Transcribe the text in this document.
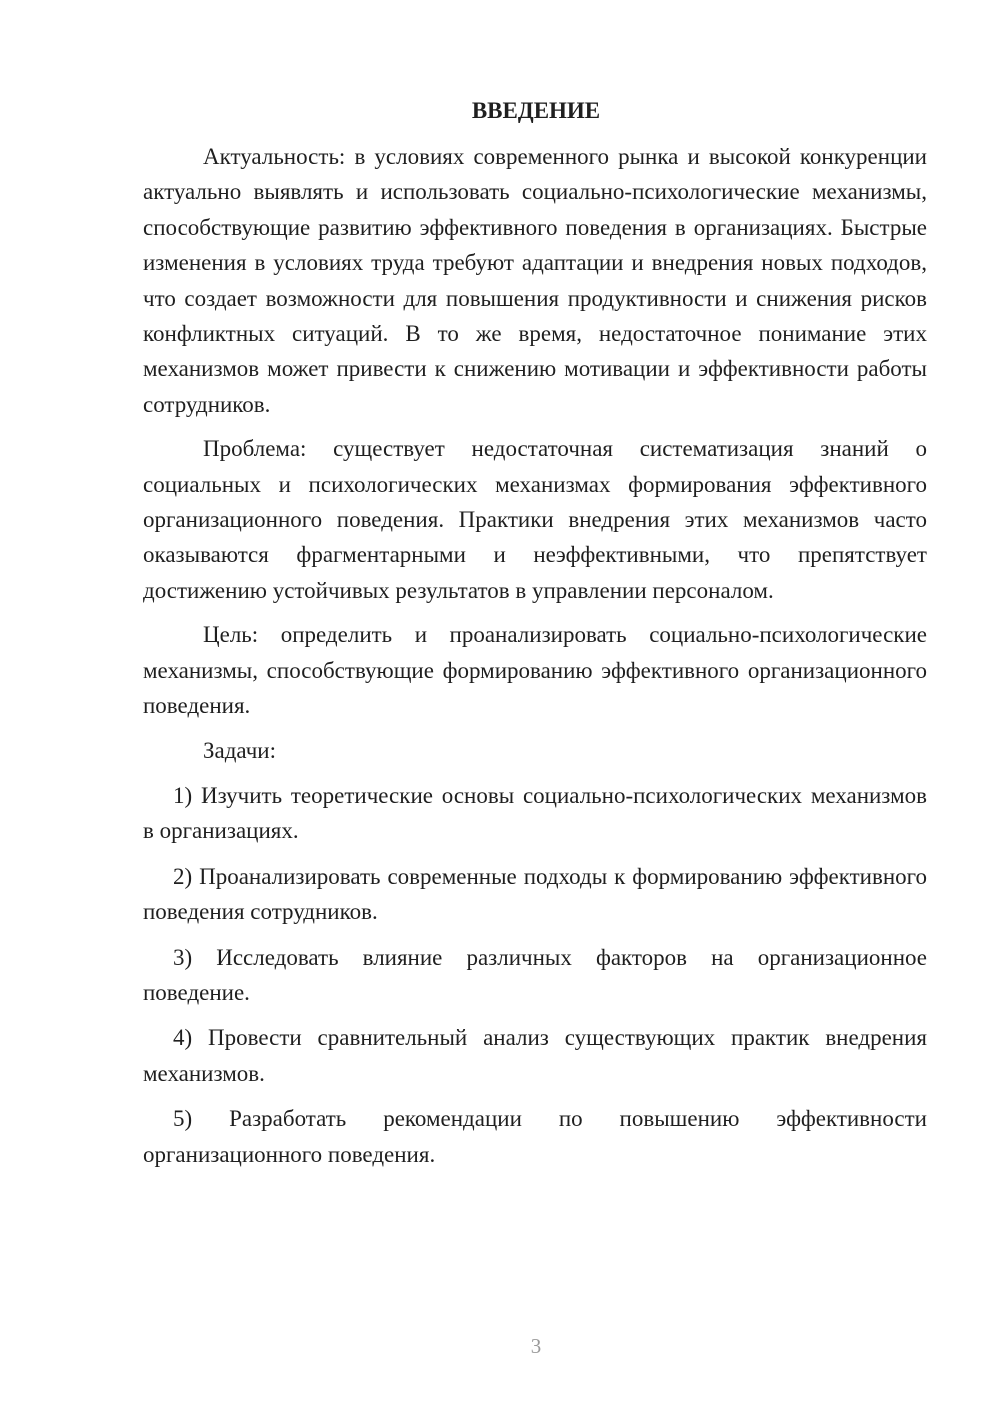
ВВЕДЕНИЕ

Актуальность: в условиях современного рынка и высокой конкуренции актуально выявлять и использовать социально-психологические механизмы, способствующие развитию эффективного поведения в организациях. Быстрые изменения в условиях труда требуют адаптации и внедрения новых подходов, что создает возможности для повышения продуктивности и снижения рисков конфликтных ситуаций. В то же время, недостаточное понимание этих механизмов может привести к снижению мотивации и эффективности работы сотрудников.

Проблема: существует недостаточная систематизация знаний о социальных и психологических механизмах формирования эффективного организационного поведения. Практики внедрения этих механизмов часто оказываются фрагментарными и неэффективными, что препятствует достижению устойчивых результатов в управлении персоналом.

Цель: определить и проанализировать социально-психологические механизмы, способствующие формированию эффективного организационного поведения.

Задачи:

1) Изучить теоретические основы социально-психологических механизмов в организациях.

2) Проанализировать современные подходы к формированию эффективного поведения сотрудников.

3) Исследовать влияние различных факторов на организационное поведение.

4) Провести сравнительный анализ существующих практик внедрения механизмов.

5) Разработать рекомендации по повышению эффективности организационного поведения.

3
